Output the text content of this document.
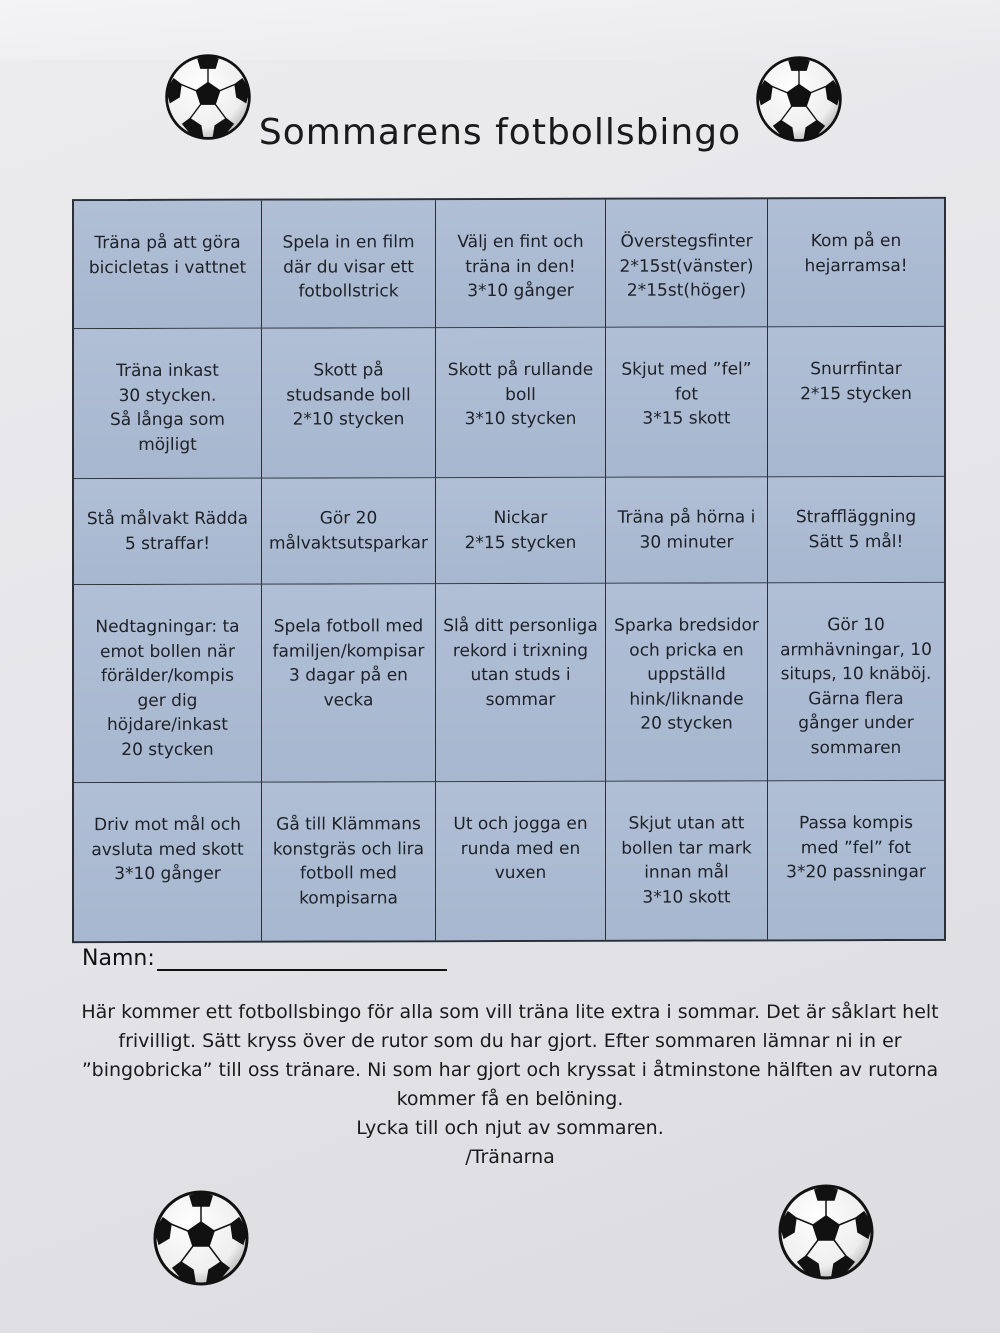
Sommarens fotbollsbingo
Träna på att göra
bicicletas i vattnet
Spela in en film
där du visar ett
fotbollstrick
Välj en fint och
träna in den!
3*10 gånger
Överstegsfinter
2*15st(vänster)
2*15st(höger)
Kom på en
hejarramsa!
Träna inkast
30 stycken.
Så långa som
möjligt
Skott på
studsande boll
2*10 stycken
Skott på rullande
boll
3*10 stycken
Skjut med ”fel”
fot
3*15 skott
Snurrfintar
2*15 stycken
Stå målvakt Rädda
5 straffar!
Gör 20
målvaktsutsparkar
Nickar
2*15 stycken
Träna på hörna i
30 minuter
Straffläggning
Sätt 5 mål!
Nedtagningar: ta
emot bollen när
förälder/kompis
ger dig
höjdare/inkast
20 stycken
Spela fotboll med
familjen/kompisar
3 dagar på en
vecka
Slå ditt personliga
rekord i trixning
utan studs i
sommar
Sparka bredsidor
och pricka en
uppställd
hink/liknande
20 stycken
Gör 10
armhävningar, 10
situps, 10 knäböj.
Gärna flera
gånger under
sommaren
Driv mot mål och
avsluta med skott
3*10 gånger
Gå till Klämmans
konstgräs och lira
fotboll med
kompisarna
Ut och jogga en
runda med en
vuxen
Skjut utan att
bollen tar mark
innan mål
3*10 skott
Passa kompis
med ”fel” fot
3*20 passningar
Namn:

Här kommer ett fotbollsbingo för alla som vill träna lite extra i sommar. Det är såklart helt frivilligt. Sätt kryss över de rutor som du har gjort. Efter sommaren lämnar ni in er ”bingobricka” till oss tränare. Ni som har gjort och kryssat i åtminstone hälften av rutorna kommer få en belöning.

Lycka till och njut av sommaren.

/Tränarna
